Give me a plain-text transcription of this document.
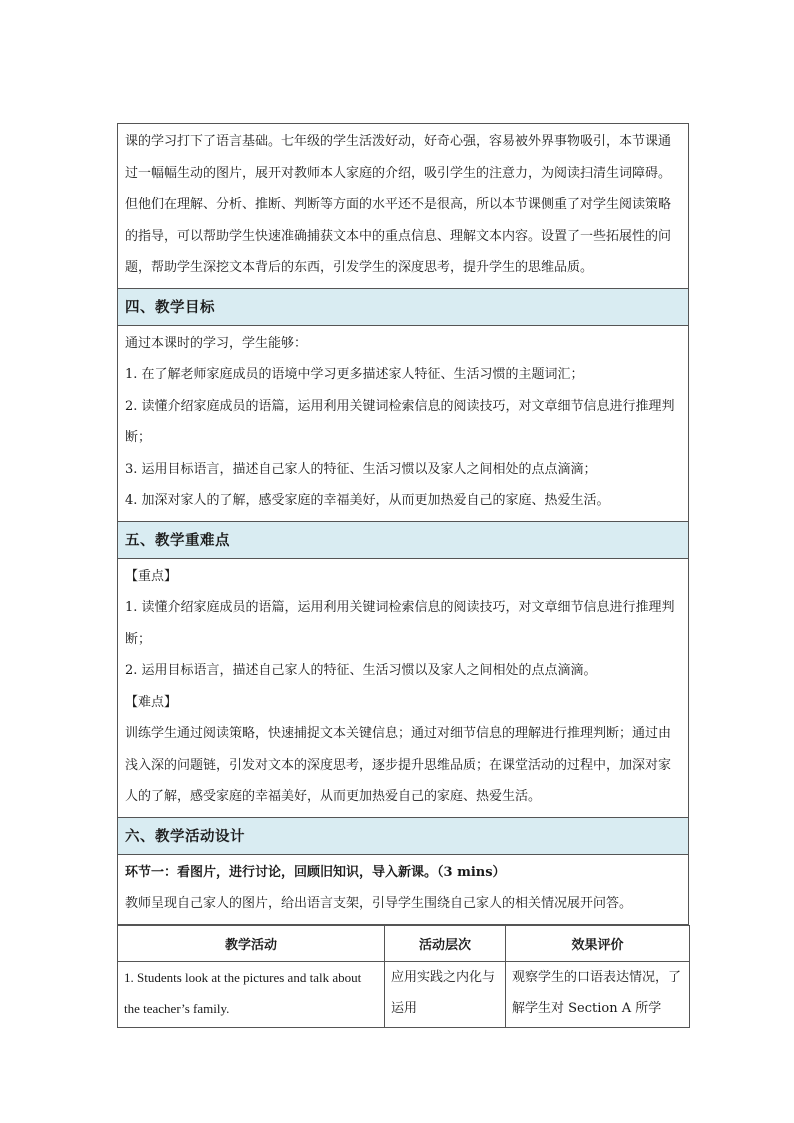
课的学习打下了语言基础。七年级的学生活泼好动，好奇心强，容易被外界事物吸引，本节课通过一幅幅生动的图片，展开对教师本人家庭的介绍，吸引学生的注意力，为阅读扫清生词障碍。但他们在理解、分析、推断、判断等方面的水平还不是很高，所以本节课侧重了对学生阅读策略的指导，可以帮助学生快速准确捕获文本中的重点信息、理解文本内容。设置了一些拓展性的问题，帮助学生深挖文本背后的东西，引发学生的深度思考，提升学生的思维品质。

四、教学目标

通过本课时的学习，学生能够：

1. 在了解老师家庭成员的语境中学习更多描述家人特征、生活习惯的主题词汇；

2. 读懂介绍家庭成员的语篇，运用利用关键词检索信息的阅读技巧，对文章细节信息进行推理判断；

3. 运用目标语言，描述自己家人的特征、生活习惯以及家人之间相处的点点滴滴；

4. 加深对家人的了解，感受家庭的幸福美好，从而更加热爱自己的家庭、热爱生活。

五、教学重难点

【重点】

1. 读懂介绍家庭成员的语篇，运用利用关键词检索信息的阅读技巧，对文章细节信息进行推理判断；

2. 运用目标语言，描述自己家人的特征、生活习惯以及家人之间相处的点点滴滴。

【难点】

训练学生通过阅读策略，快速捕捉文本关键信息；通过对细节信息的理解进行推理判断；通过由浅入深的问题链，引发对文本的深度思考，逐步提升思维品质；在课堂活动的过程中，加深对家人的了解，感受家庭的幸福美好，从而更加热爱自己的家庭、热爱生活。

六、教学活动设计

环节一：看图片，进行讨论，回顾旧知识，导入新课。（3 mins）

教师呈现自己家人的图片，给出语言支架，引导学生围绕自己家人的相关情况展开问答。

教学活动	活动层次	效果评价
1. Students look at the pictures and talk about the teacher’s family.	应用实践之内化与运用	观察学生的口语表达情况，了解学生对 Section A 所学
